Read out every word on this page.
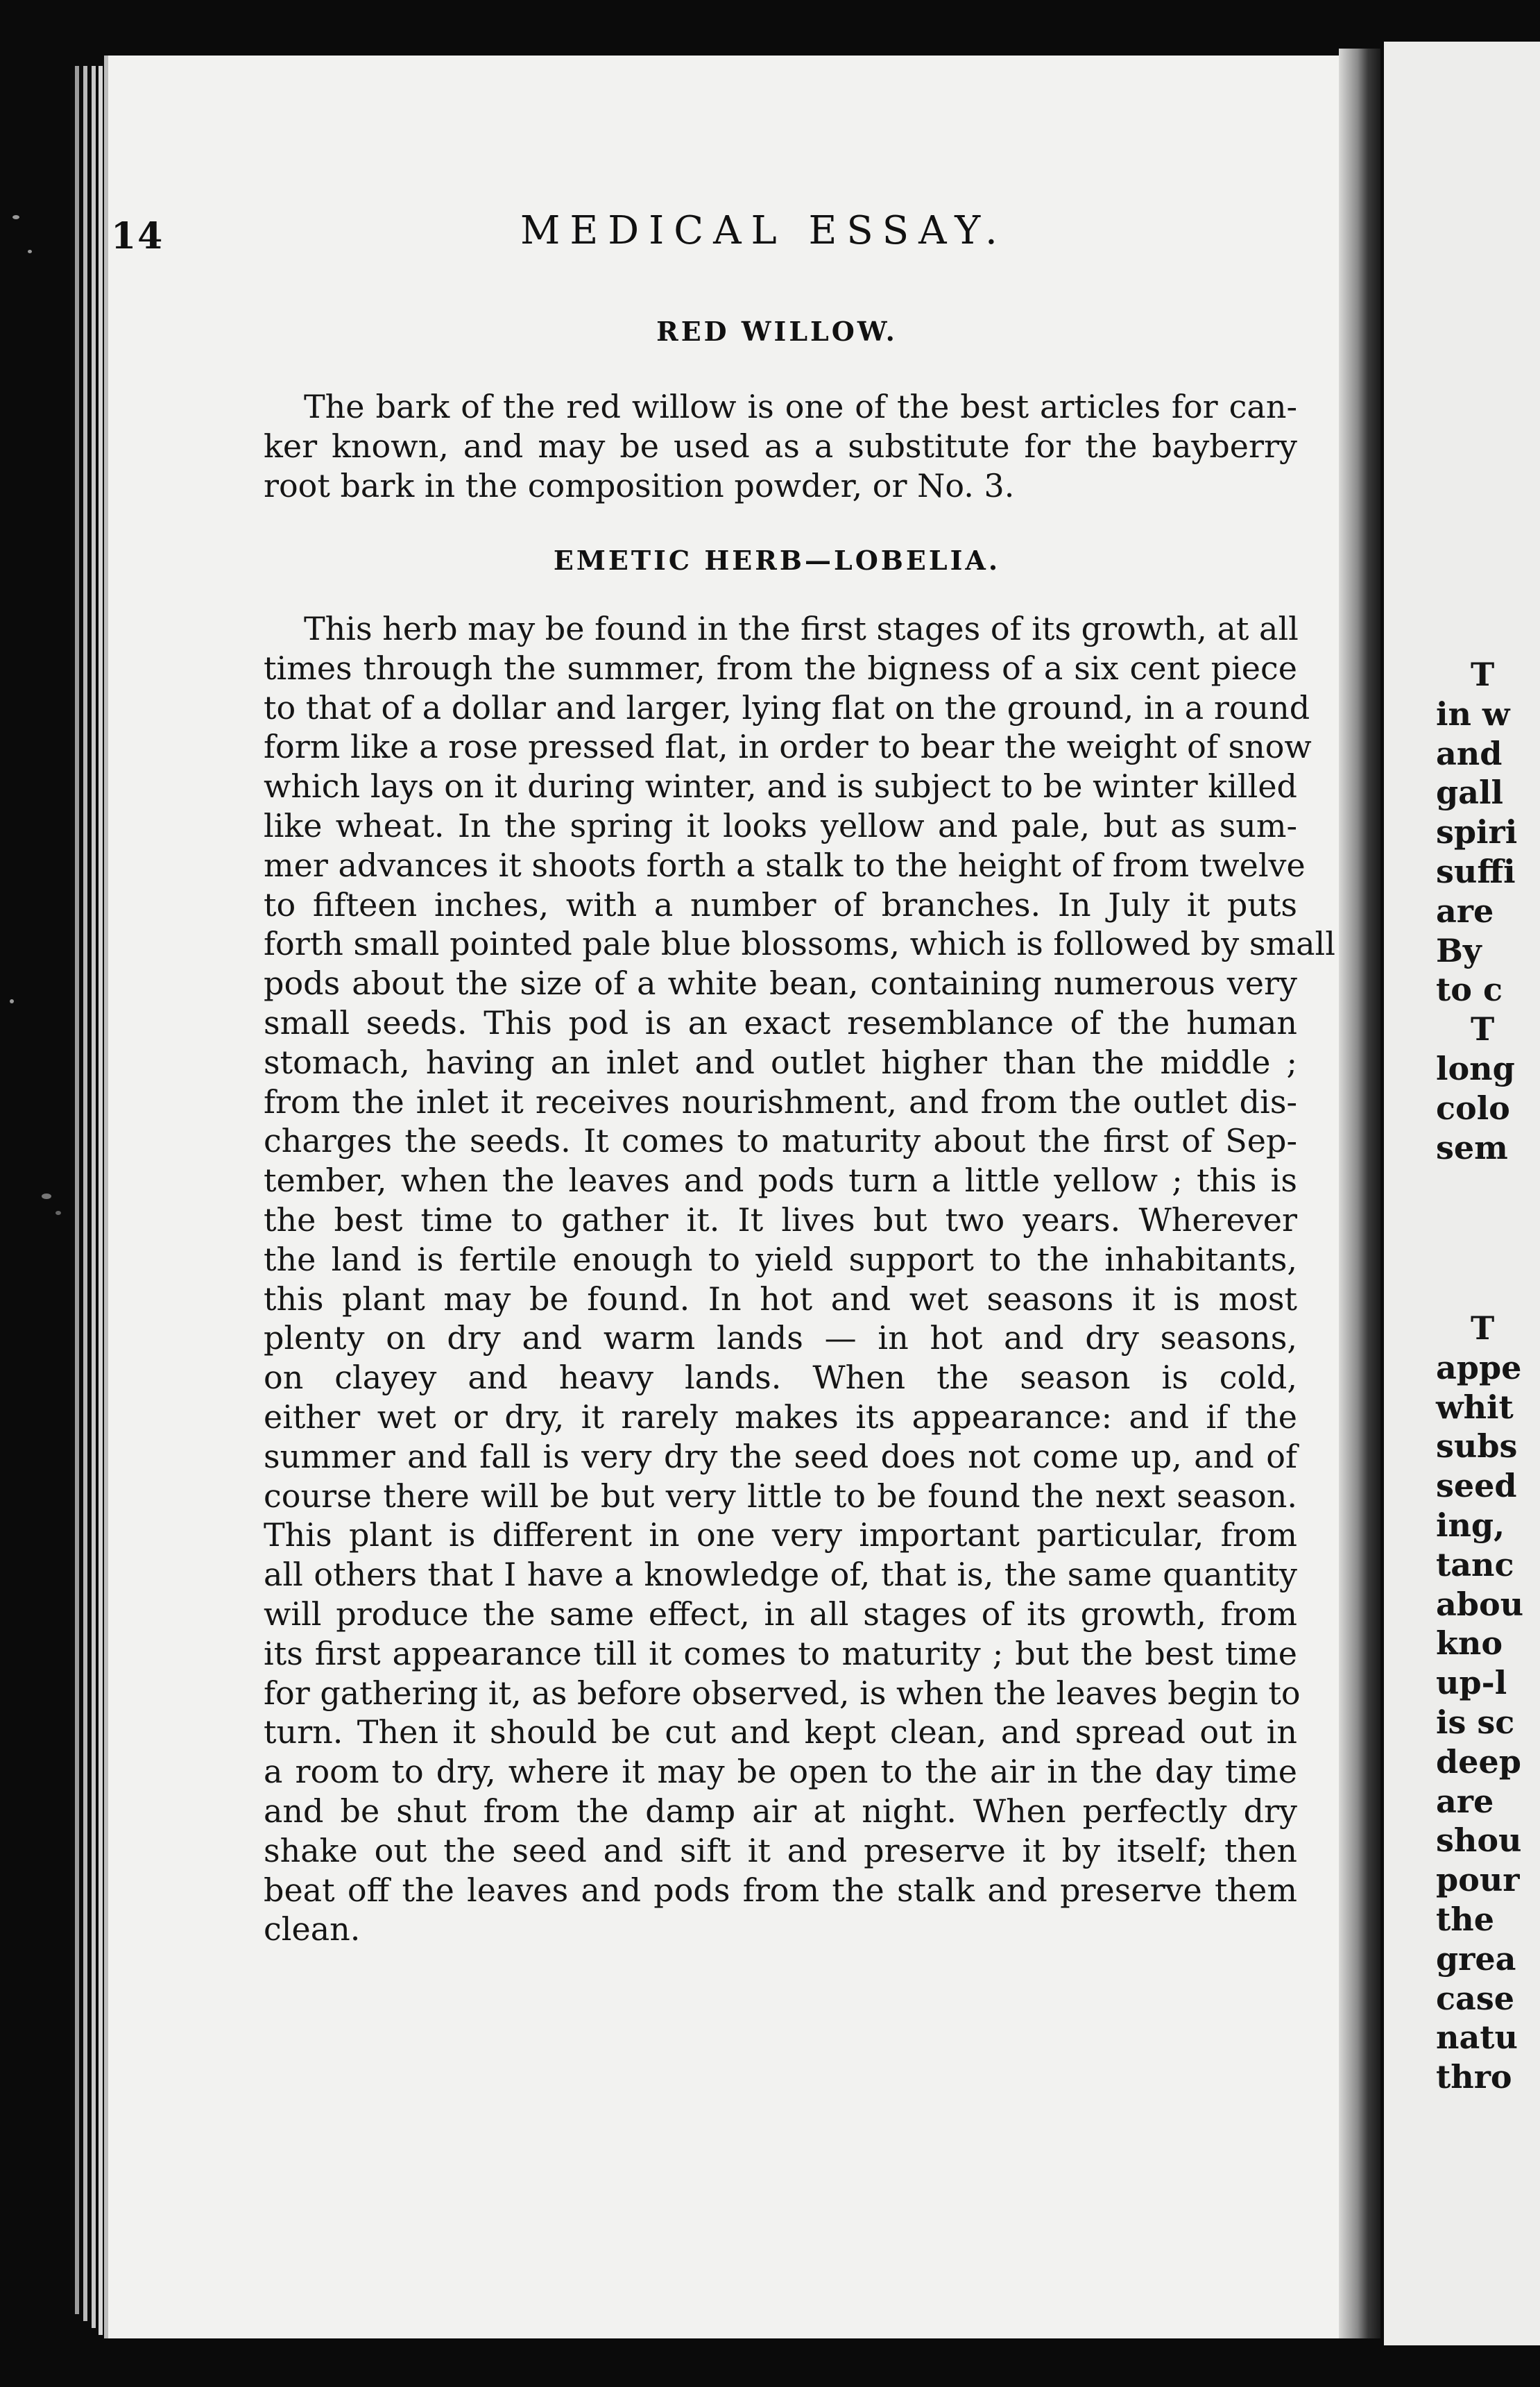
14	MEDICAL ESSAY.
RED WILLOW.
The bark of the red willow is one of the best articles for can-
ker known, and may be used as a substitute for the bayberry
root bark in the composition powder, or No. 3.
EMETIC HERB—LOBELIA.
This herb may be found in the first stages of its growth, at all
times through the summer, from the bigness of a six cent piece
to that of a dollar and larger, lying flat on the ground, in a round
form like a rose pressed flat, in order to bear the weight of snow
which lays on it during winter, and is subject to be winter killed
like wheat. In the spring it looks yellow and pale, but as sum-
mer advances it shoots forth a stalk to the height of from twelve
to fifteen inches, with a number of branches. In July it puts
forth small pointed pale blue blossoms, which is followed by small
pods about the size of a white bean, containing numerous very
small seeds. This pod is an exact resemblance of the human
stomach, having an inlet and outlet higher than the middle ;
from the inlet it receives nourishment, and from the outlet dis-
charges the seeds. It comes to maturity about the first of Sep-
tember, when the leaves and pods turn a little yellow ; this is
the best time to gather it. It lives but two years. Wherever
the land is fertile enough to yield support to the inhabitants,
this plant may be found. In hot and wet seasons it is most
plenty on dry and warm lands — in hot and dry seasons,
on clayey and heavy lands. When the season is cold,
either wet or dry, it rarely makes its appearance: and if the
summer and fall is very dry the seed does not come up, and of
course there will be but very little to be found the next season.
This plant is different in one very important particular, from
all others that I have a knowledge of, that is, the same quantity
will produce the same effect, in all stages of its growth, from
its first appearance till it comes to maturity ; but the best time
for gathering it, as before observed, is when the leaves begin to
turn. Then it should be cut and kept clean, and spread out in
a room to dry, where it may be open to the air in the day time
and be shut from the damp air at night. When perfectly dry
shake out the seed and sift it and preserve it by itself; then
beat off the leaves and pods from the stalk and preserve them
clean.
T
in w
and
gall
spiri
suffi
are
By
to c
T
long
colo
sem
T
appe
whit
subs
seed
ing,
tanc
abou
kno
up-l
is sc
deep
are
shou
pour
the
grea
case
natu
thro
